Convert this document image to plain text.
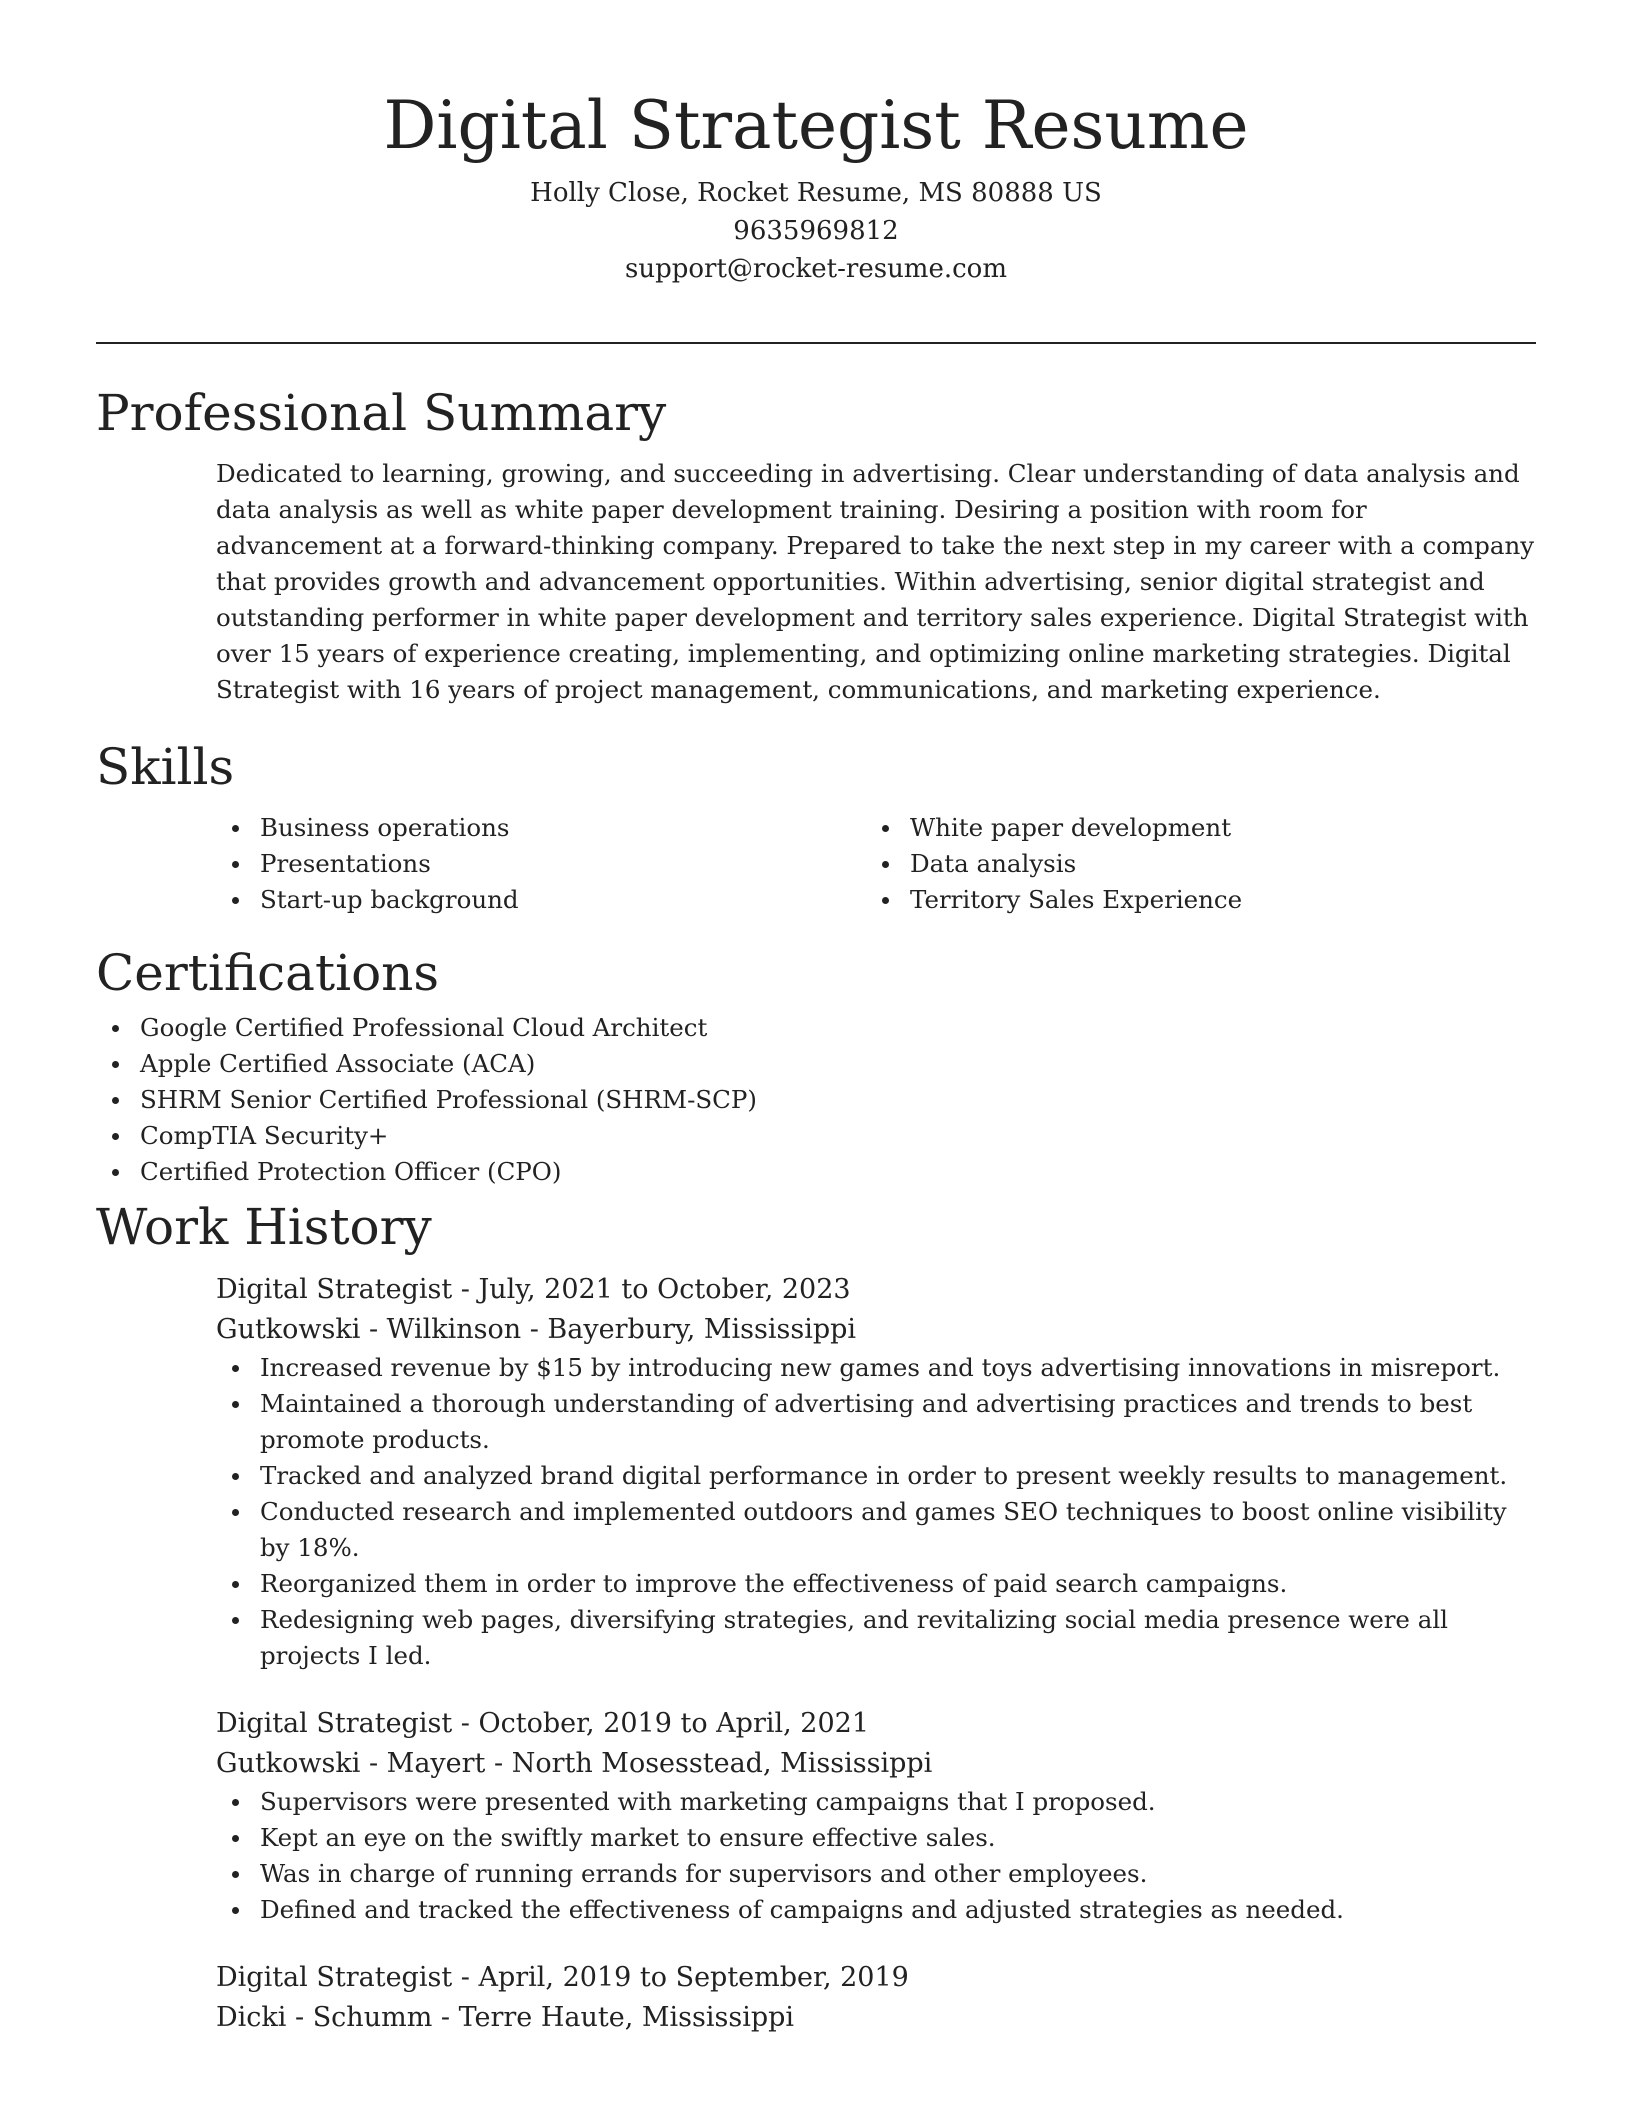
Digital Strategist Resume
Holly Close, Rocket Resume, MS 80888 US
9635969812
support@rocket-resume.com
Professional Summary

Dedicated to learning, growing, and succeeding in advertising. Clear understanding of data analysis and data analysis as well as white paper development training. Desiring a position with room for advancement at a forward-thinking company. Prepared to take the next step in my career with a company that provides growth and advancement opportunities. Within advertising, senior digital strategist and outstanding performer in white paper development and territory sales experience. Digital Strategist with over 15 years of experience creating, implementing, and optimizing online marketing strategies. Digital Strategist with 16 years of project management, communications, and marketing experience.

Skills
Business operations
Presentations
Start-up background
White paper development
Data analysis
Territory Sales Experience
Certifications
Google Certified Professional Cloud Architect
Apple Certified Associate (ACA)
SHRM Senior Certified Professional (SHRM-SCP)
CompTIA Security+
Certified Protection Officer (CPO)
Work History
Digital Strategist - July, 2021 to October, 2023
Gutkowski - Wilkinson - Bayerbury, Mississippi
Increased revenue by $15 by introducing new games and toys advertising innovations in misreport.
Maintained a thorough understanding of advertising and advertising practices and trends to best promote products.
Tracked and analyzed brand digital performance in order to present weekly results to management.
Conducted research and implemented outdoors and games SEO techniques to boost online visibility by 18%.
Reorganized them in order to improve the effectiveness of paid search campaigns.
Redesigning web pages, diversifying strategies, and revitalizing social media presence were all projects I led.
Digital Strategist - October, 2019 to April, 2021
Gutkowski - Mayert - North Mosesstead, Mississippi
Supervisors were presented with marketing campaigns that I proposed.
Kept an eye on the swiftly market to ensure effective sales.
Was in charge of running errands for supervisors and other employees.
Defined and tracked the effectiveness of campaigns and adjusted strategies as needed.
Digital Strategist - April, 2019 to September, 2019
Dicki - Schumm - Terre Haute, Mississippi
